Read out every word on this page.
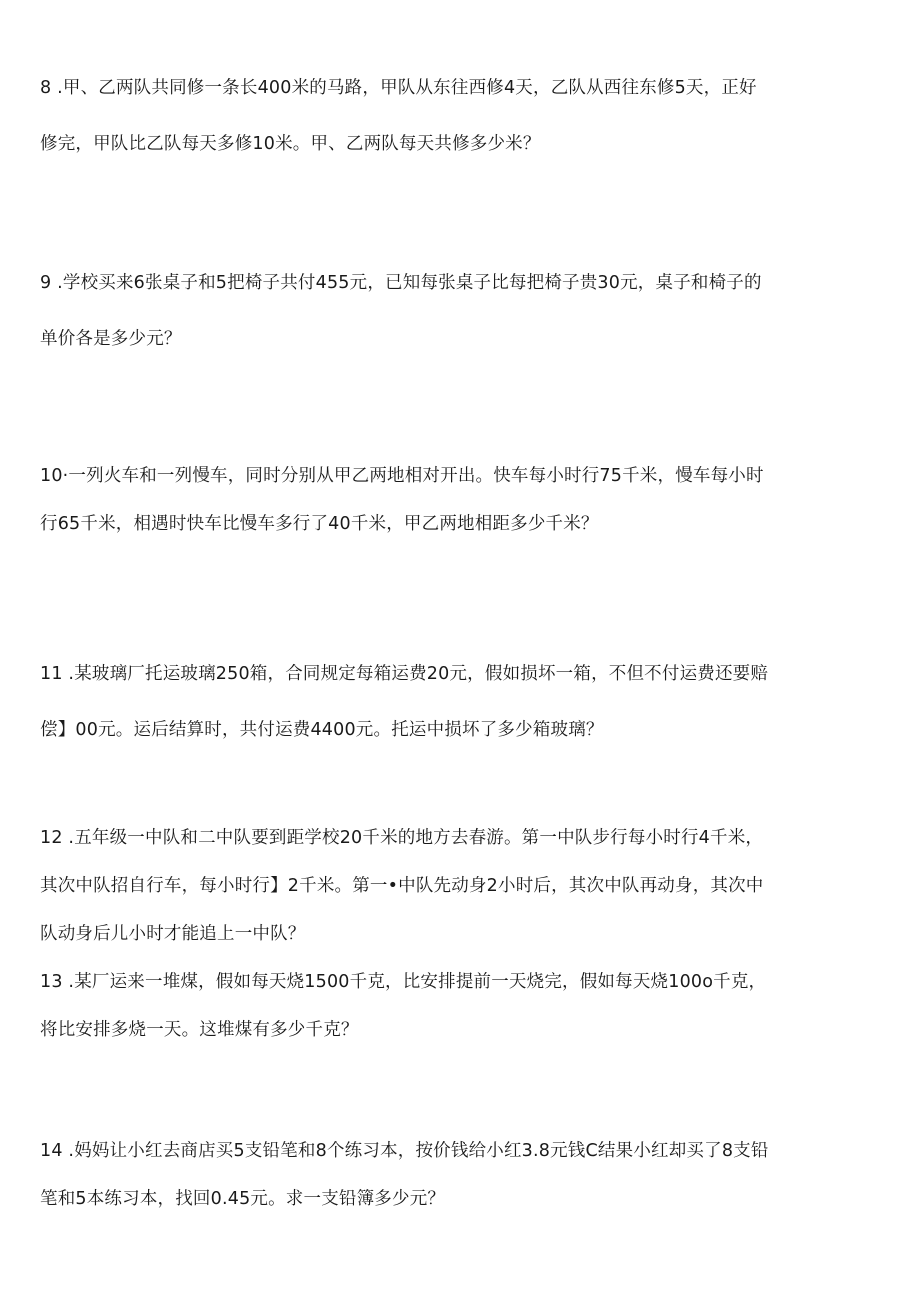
8 .甲、乙两队共同修一条长400米的马路，甲队从东往西修4天，乙队从西往东修5天，正好
修完，甲队比乙队每天多修10米。甲、乙两队每天共修多少米？
9 .学校买来6张桌子和5把椅子共付455元，已知每张桌子比每把椅子贵30元，桌子和椅子的
单价各是多少元？
10·一列火车和一列慢车，同时分别从甲乙两地相对开出。快车每小时行75千米，慢车每小时
行65千米，相遇时快车比慢车多行了40千米，甲乙两地相距多少千米？
11 .某玻璃厂托运玻璃250箱，合同规定每箱运费20元，假如损坏一箱，不但不付运费还要赔
偿】00元。运后结算时，共付运费4400元。托运中损坏了多少箱玻璃？
12 .五年级一中队和二中队要到距学校20千米的地方去春游。第一中队步行每小时行4千米，
其次中队招自行车，每小时行】2千米。第一•中队先动身2小时后，其次中队再动身，其次中
队动身后儿小时才能追上一中队？
13 .某厂运来一堆煤，假如每天烧1500千克，比安排提前一天烧完，假如每天烧100o千克，
将比安排多烧一天。这堆煤有多少千克？
14 .妈妈让小红去商店买5支铅笔和8个练习本，按价钱给小红3.8元钱C结果小红却买了8支铅
笔和5本练习本，找回0.45元。求一支铅簿多少元？
